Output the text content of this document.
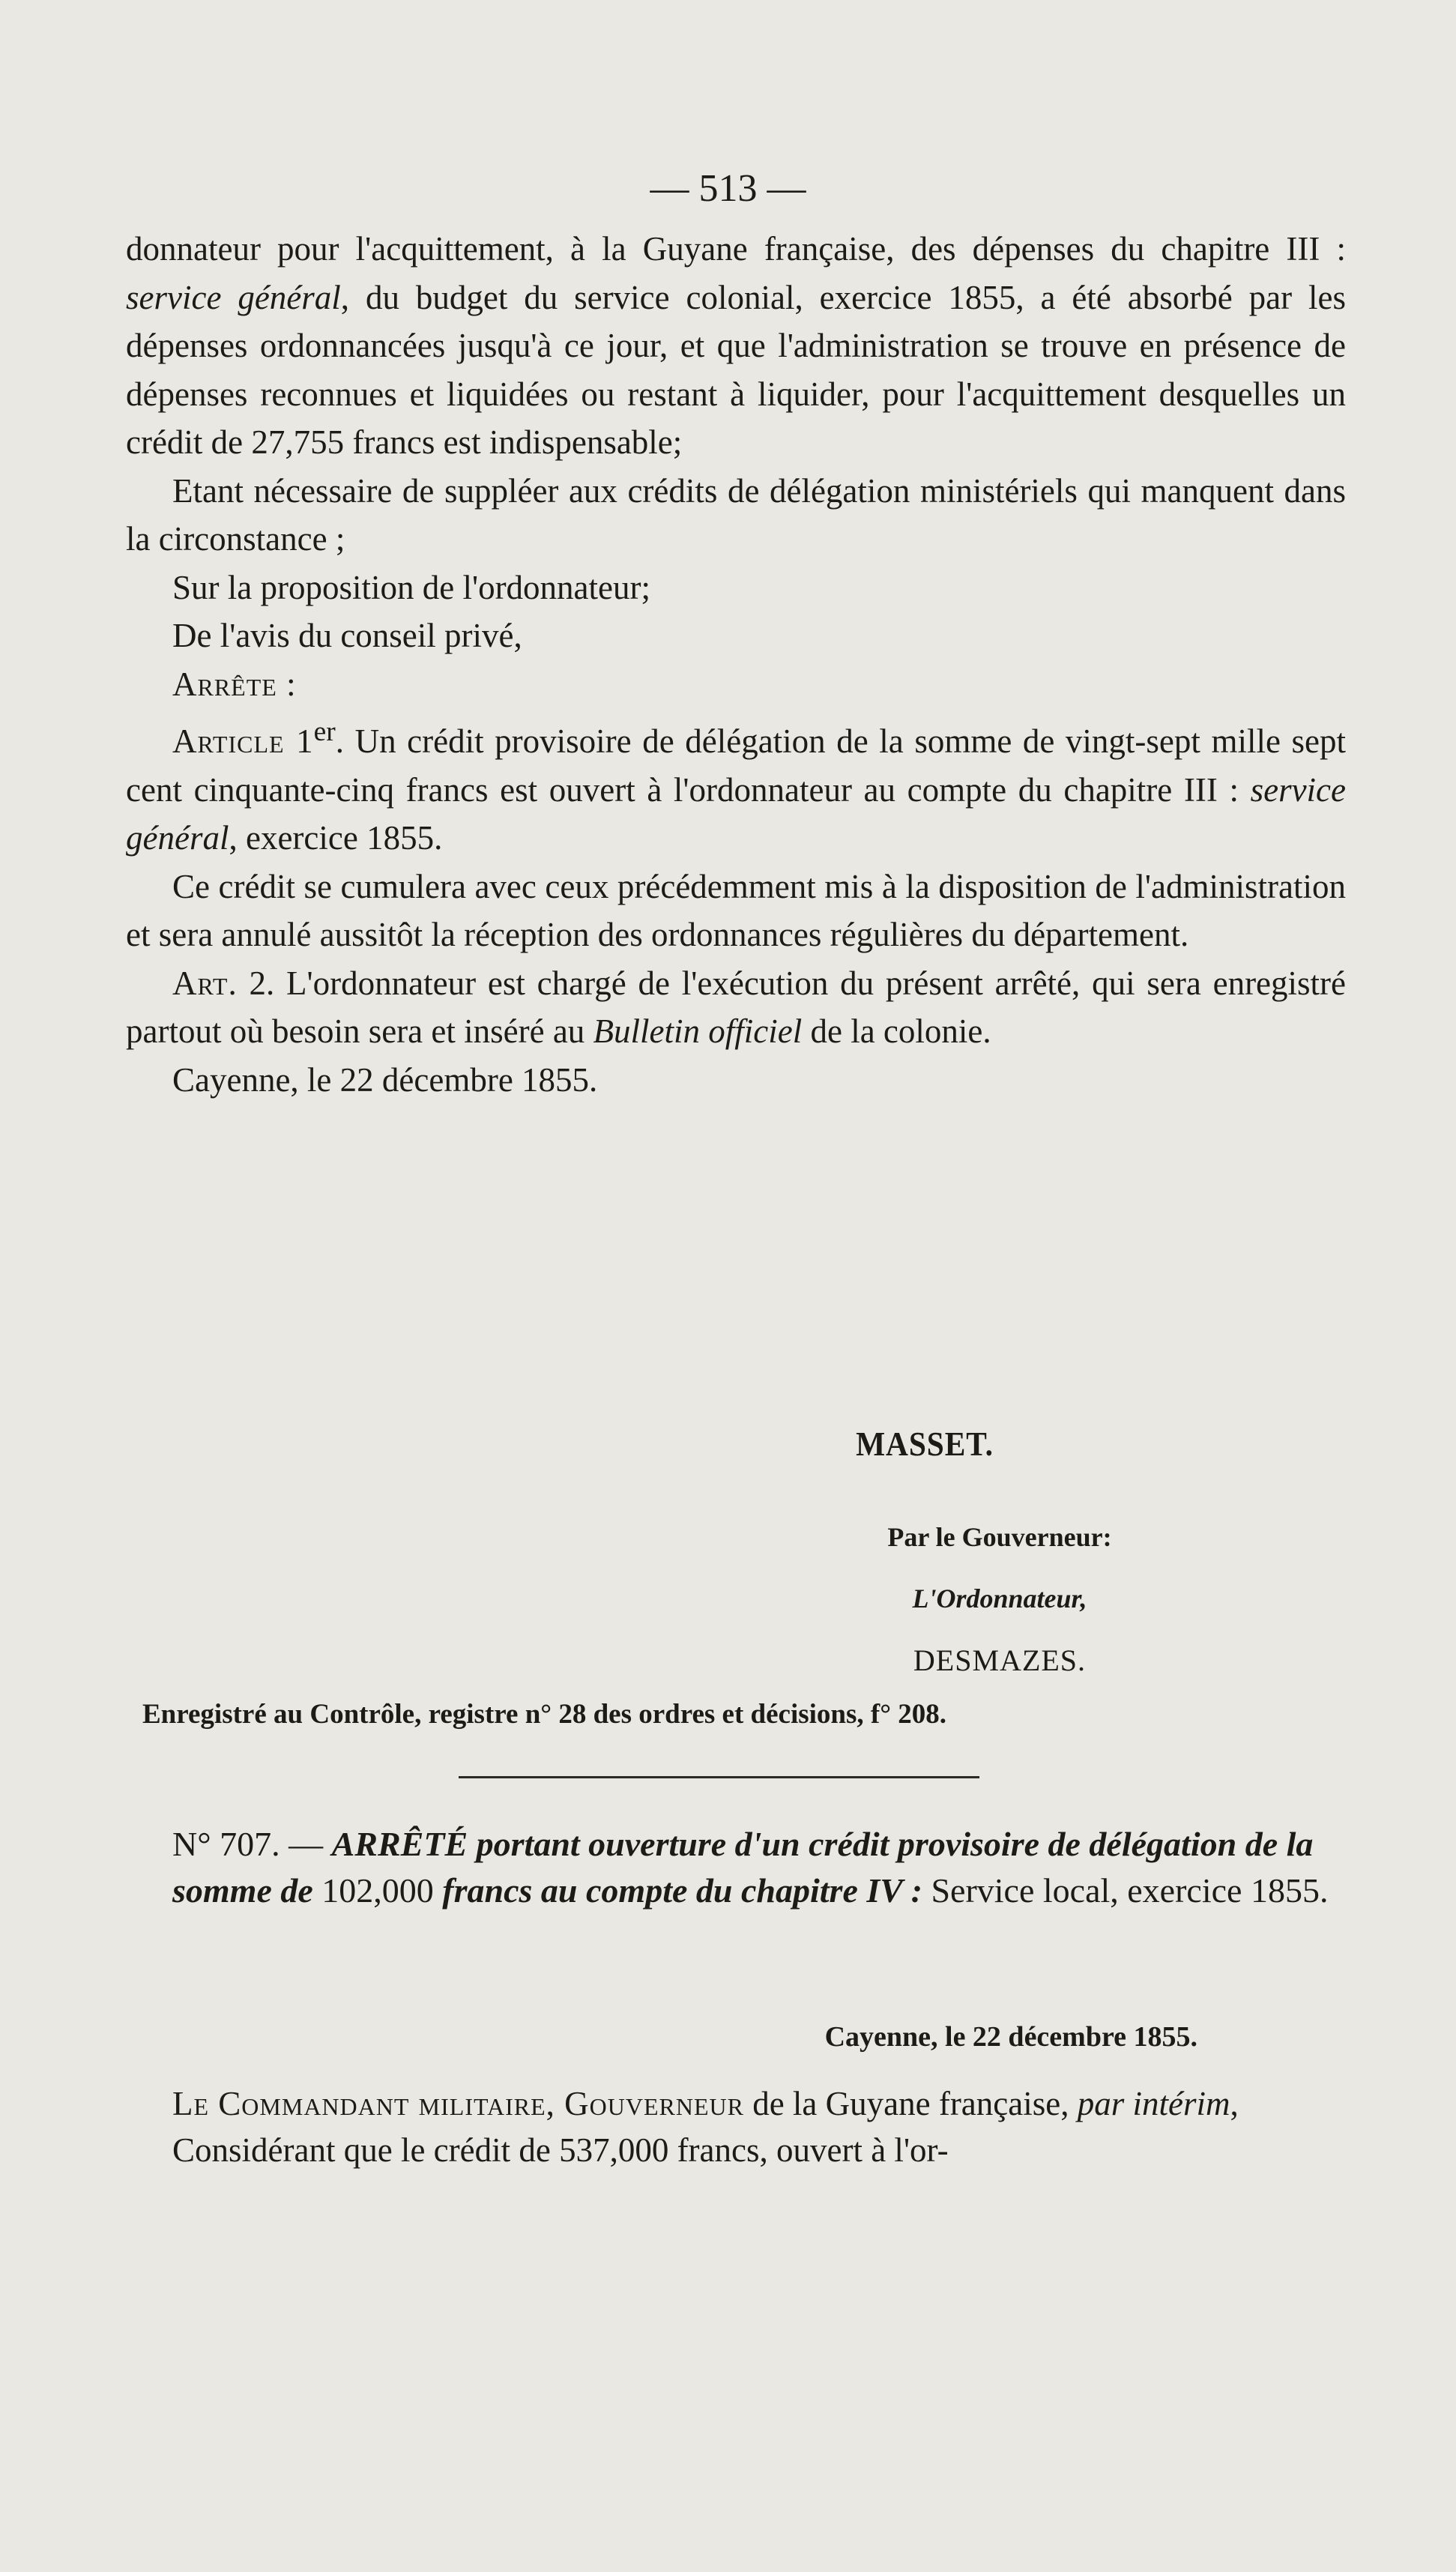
— 513 —

donnateur pour l'acquittement, à la Guyane française, des dépenses du chapitre III : service général, du budget du service colonial, exercice 1855, a été absorbé par les dépenses ordonnancées jusqu'à ce jour, et que l'administration se trouve en présence de dépenses reconnues et liquidées ou restant à liquider, pour l'acquittement desquelles un crédit de 27,755 francs est indispensable;

Etant nécessaire de suppléer aux crédits de délégation ministériels qui manquent dans la circonstance ;

Sur la proposition de l'ordonnateur;

De l'avis du conseil privé,

Arrête :

Article 1er. Un crédit provisoire de délégation de la somme de vingt-sept mille sept cent cinquante-cinq francs est ouvert à l'ordonnateur au compte du chapitre III : service général, exercice 1855.

Ce crédit se cumulera avec ceux précédemment mis à la disposition de l'administration et sera annulé aussitôt la réception des ordonnances régulières du département.

Art. 2. L'ordonnateur est chargé de l'exécution du présent arrêté, qui sera enregistré partout où besoin sera et inséré au Bulletin officiel de la colonie.

Cayenne, le 22 décembre 1855.

MASSET.
Par le Gouverneur:
L'Ordonnateur,
DESMAZES.
Enregistré au Contrôle, registre n° 28 des ordres et décisions, f° 208.
N° 707. — ARRÊTÉ portant ouverture d'un crédit provisoire de délégation de la somme de 102,000 francs au compte du chapitre IV : Service local, exercice 1855.
Cayenne, le 22 décembre 1855.

Le Commandant militaire, Gouverneur de la Guyane française, par intérim,

Considérant que le crédit de 537,000 francs, ouvert à l'or-
